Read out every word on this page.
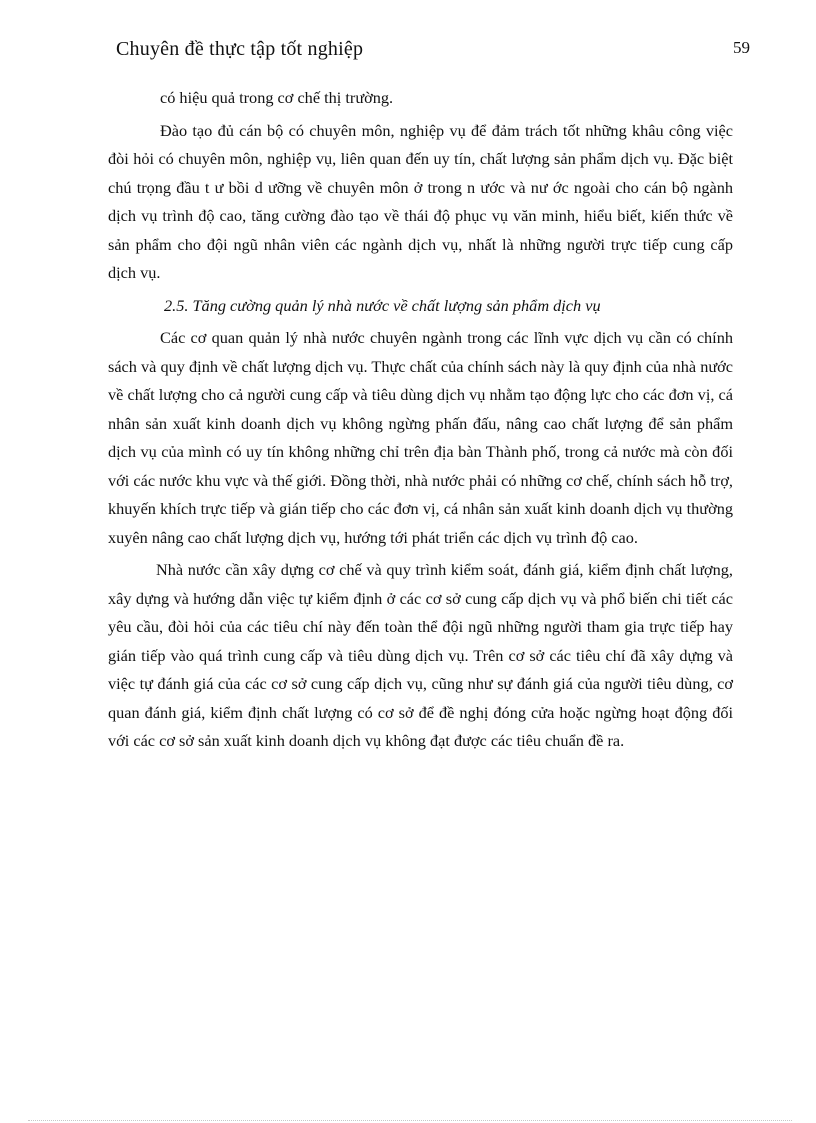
Chuyên đề thực tập tốt nghiệp	59

có hiệu quả trong cơ chế thị trường.

Đào tạo đủ cán bộ có chuyên môn, nghiệp vụ để đảm trách tốt những khâu công việc đòi hỏi có chuyên môn, nghiệp vụ, liên quan đến uy tín, chất lượng sản phẩm dịch vụ. Đặc biệt chú trọng đầu t ư bồi d ưỡng về chuyên môn ở trong n ước và nư ớc ngoài cho cán bộ ngành dịch vụ trình độ cao, tăng cường đào tạo về thái độ phục vụ văn minh, hiểu biết, kiến thức về sản phẩm cho đội ngũ nhân viên các ngành dịch vụ, nhất là những người trực tiếp cung cấp dịch vụ.

2.5. Tăng cường quản lý nhà nước về chất lượng sản phẩm dịch vụ

Các cơ quan quản lý nhà nước chuyên ngành trong các lĩnh vực dịch vụ cần có chính sách và quy định về chất lượng dịch vụ. Thực chất của chính sách này là quy định của nhà nước về chất lượng cho cả người cung cấp và tiêu dùng dịch vụ nhằm tạo động lực cho các đơn vị, cá nhân sản xuất kinh doanh dịch vụ không ngừng phấn đấu, nâng cao chất lượng để sản phẩm dịch vụ của mình có uy tín không những chỉ trên địa bàn Thành phố, trong cả nước mà còn đối với các nước khu vực và thế giới. Đồng thời, nhà nước phải có những cơ chế, chính sách hỗ trợ, khuyến khích trực tiếp và gián tiếp cho các đơn vị, cá nhân sản xuất kinh doanh dịch vụ thường xuyên nâng cao chất lượng dịch vụ, hướng tới phát triển các dịch vụ trình độ cao.

Nhà nước cần xây dựng cơ chế và quy trình kiểm soát, đánh giá, kiểm định chất lượng, xây dựng và hướng dẫn việc tự kiểm định ở các cơ sở cung cấp dịch vụ và phổ biến chi tiết các yêu cầu, đòi hỏi của các tiêu chí này đến toàn thể đội ngũ những người tham gia trực tiếp hay gián tiếp vào quá trình cung cấp và tiêu dùng dịch vụ. Trên cơ sở các tiêu chí đã xây dựng và việc tự đánh giá của các cơ sở cung cấp dịch vụ, cũng như sự đánh giá của người tiêu dùng, cơ quan đánh giá, kiểm định chất lượng có cơ sở để đề nghị đóng cửa hoặc ngừng hoạt động đối với các cơ sở sản xuất kinh doanh dịch vụ không đạt được các tiêu chuẩn đề ra.
